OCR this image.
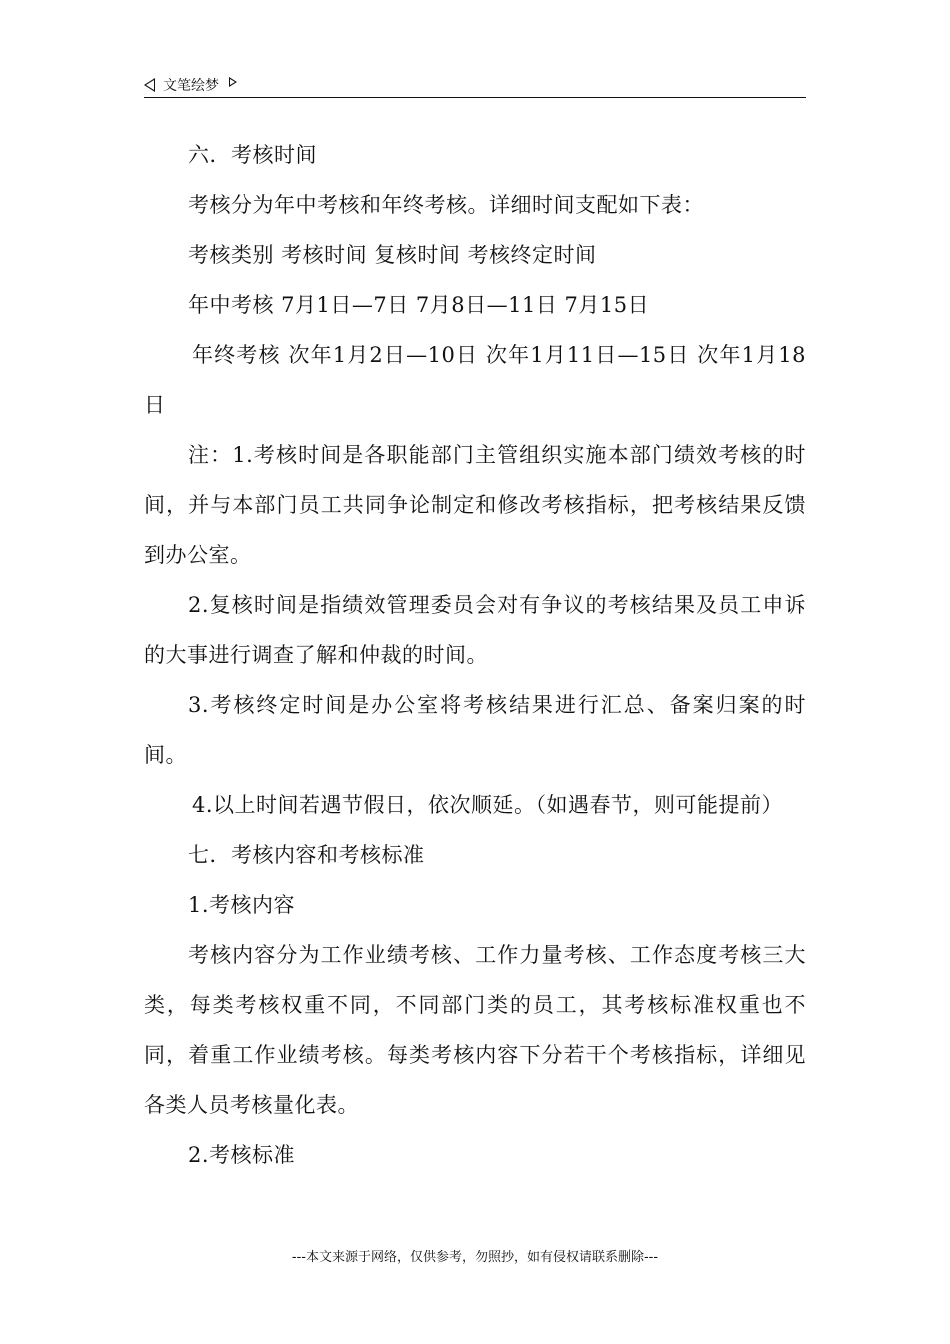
文笔绘梦

六．考核时间

考核分为年中考核和年终考核。详细时间支配如下表：

考核类别 考核时间 复核时间 考核终定时间

年中考核 7月1日—7日 7月8日—11日 7月15日

年终考核 次年1月2日—10日 次年1月11日—15日 次年1月18日

注：1.考核时间是各职能部门主管组织实施本部门绩效考核的时间，并与本部门员工共同争论制定和修改考核指标，把考核结果反馈到办公室。

2.复核时间是指绩效管理委员会对有争议的考核结果及员工申诉的大事进行调查了解和仲裁的时间。

3.考核终定时间是办公室将考核结果进行汇总、备案归案的时间。

4.以上时间若遇节假日，依次顺延。（如遇春节，则可能提前）

七．考核内容和考核标准

1.考核内容

考核内容分为工作业绩考核、工作力量考核、工作态度考核三大类，每类考核权重不同，不同部门类的员工，其考核标准权重也不同，着重工作业绩考核。每类考核内容下分若干个考核指标，详细见各类人员考核量化表。

2.考核标准

---本文来源于网络，仅供参考，勿照抄，如有侵权请联系删除---
